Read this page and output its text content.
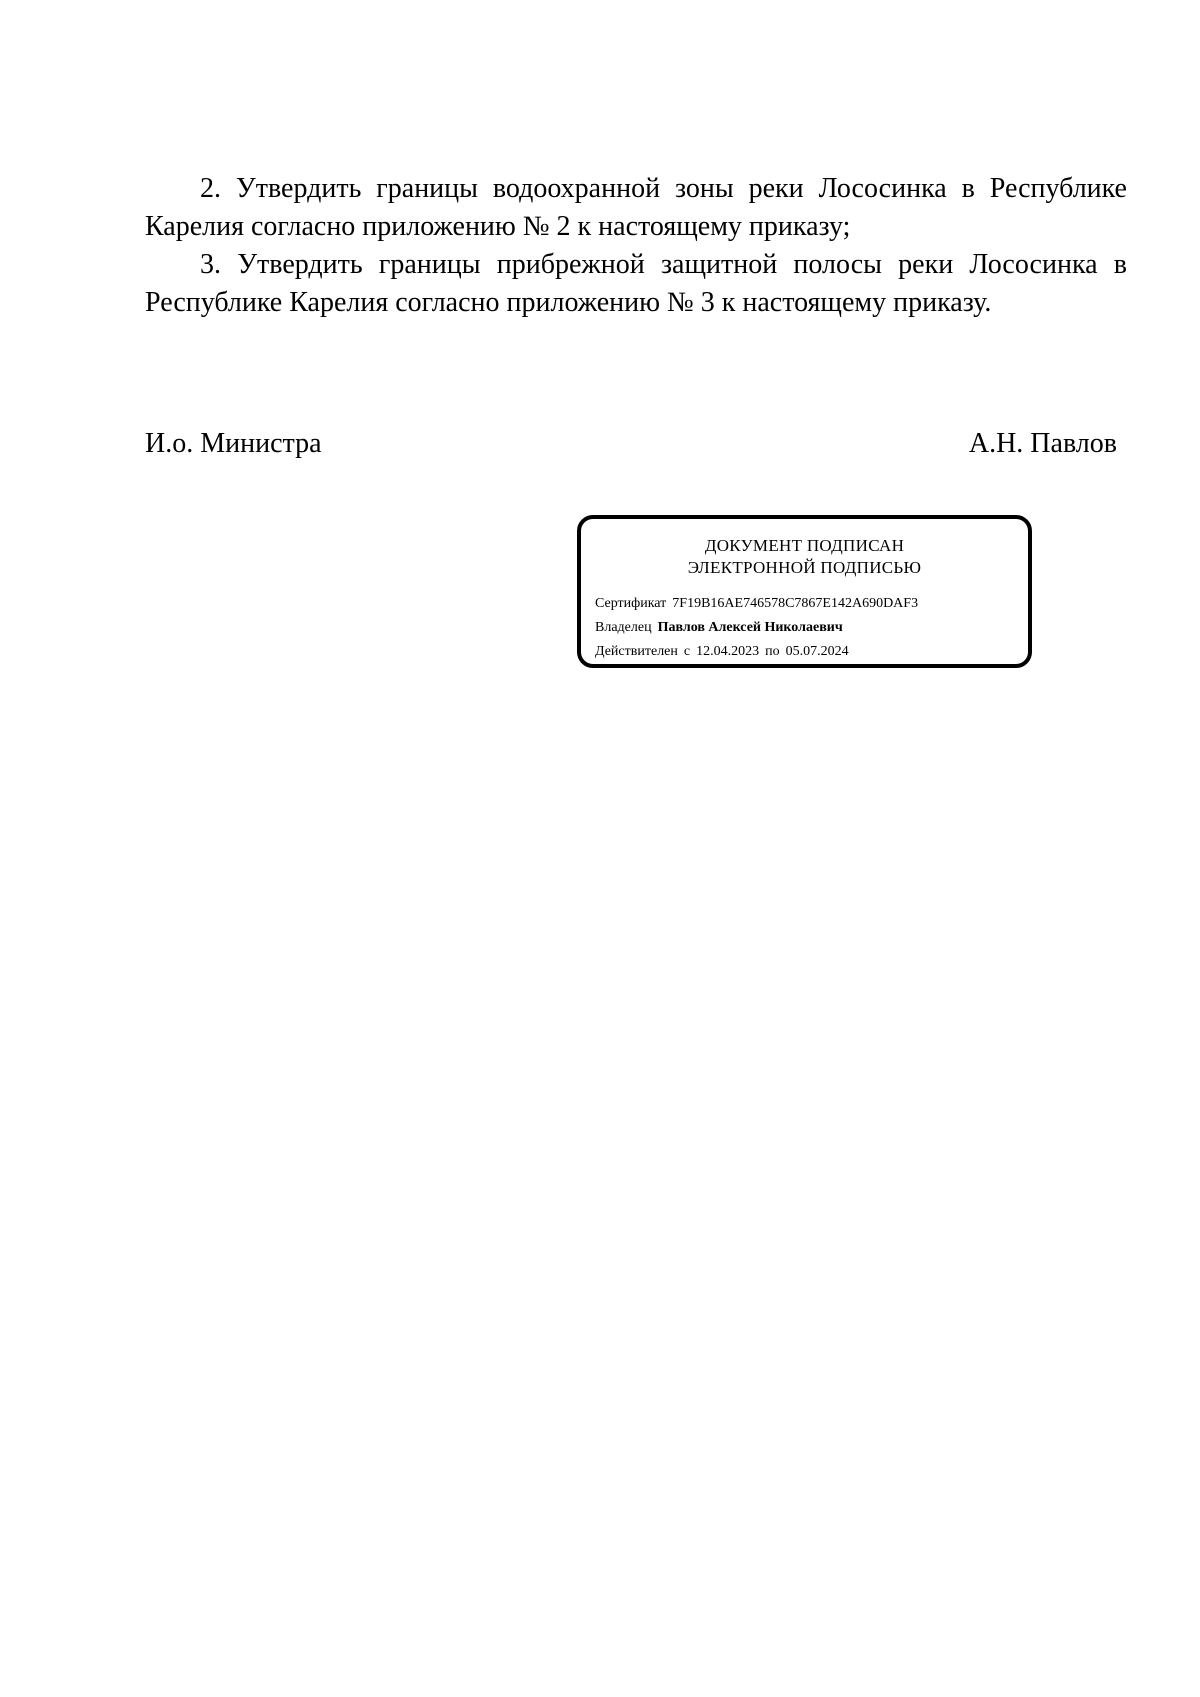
2. Утвердить границы водоохранной зоны реки Лососинка в Республике Карелия согласно приложению № 2 к настоящему приказу;

3. Утвердить границы прибрежной защитной полосы реки Лососинка в Республике Карелия согласно приложению № 3 к настоящему приказу.

И.о. Министра	А.Н. Павлов
ДОКУМЕНТ ПОДПИСАН
ЭЛЕКТРОННОЙ ПОДПИСЬЮ
Сертификат 7F19B16AE746578C7867E142A690DAF3
Владелец Павлов Алексей Николаевич
Действителен с 12.04.2023 по 05.07.2024
